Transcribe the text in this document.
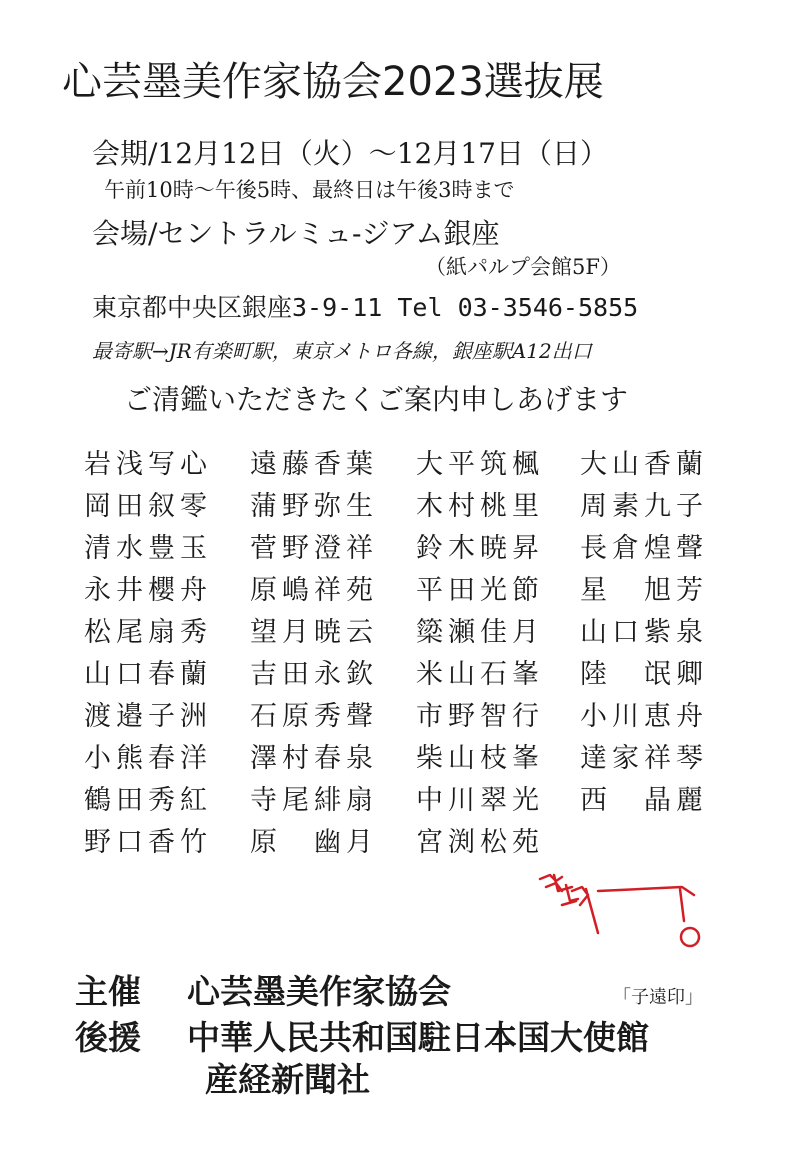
心芸墨美作家協会2023選抜展
会期/12月12日（火）～12月17日（日）
午前10時～午後5時、最終日は午後3時まで
会場/セントラルミュ-ジアム銀座
（紙パルプ会館5F）
東京都中央区銀座3-9-11 Tel 03-3546-5855
最寄駅→JR有楽町駅，東京メトロ各線，銀座駅A12出口
ご清鑑いただきたくご案内申しあげます
岩浅写心 遠藤香葉 大平筑楓 大山香蘭
岡田叙零 蒲野弥生 木村桃里 周素九子
清水豊玉 菅野澄祥 鈴木暁昇 長倉煌聲
永井櫻舟 原嶋祥苑 平田光節 星　旭芳
松尾扇秀 望月暁云 簗瀬佳月 山口紫泉
山口春蘭 吉田永欽 米山石峯 陸　氓卿
渡邉子洲 石原秀聲 市野智行 小川恵舟
小熊春洋 澤村春泉 柴山枝峯 達家祥琴
鶴田秀紅 寺尾緋扇 中川翠光 西　晶麗
野口香竹 原　幽月 宮渕松苑
「子遠印」
主催 心芸墨美作家協会
後援 中華人民共和国駐日本国大使館
産経新聞社
